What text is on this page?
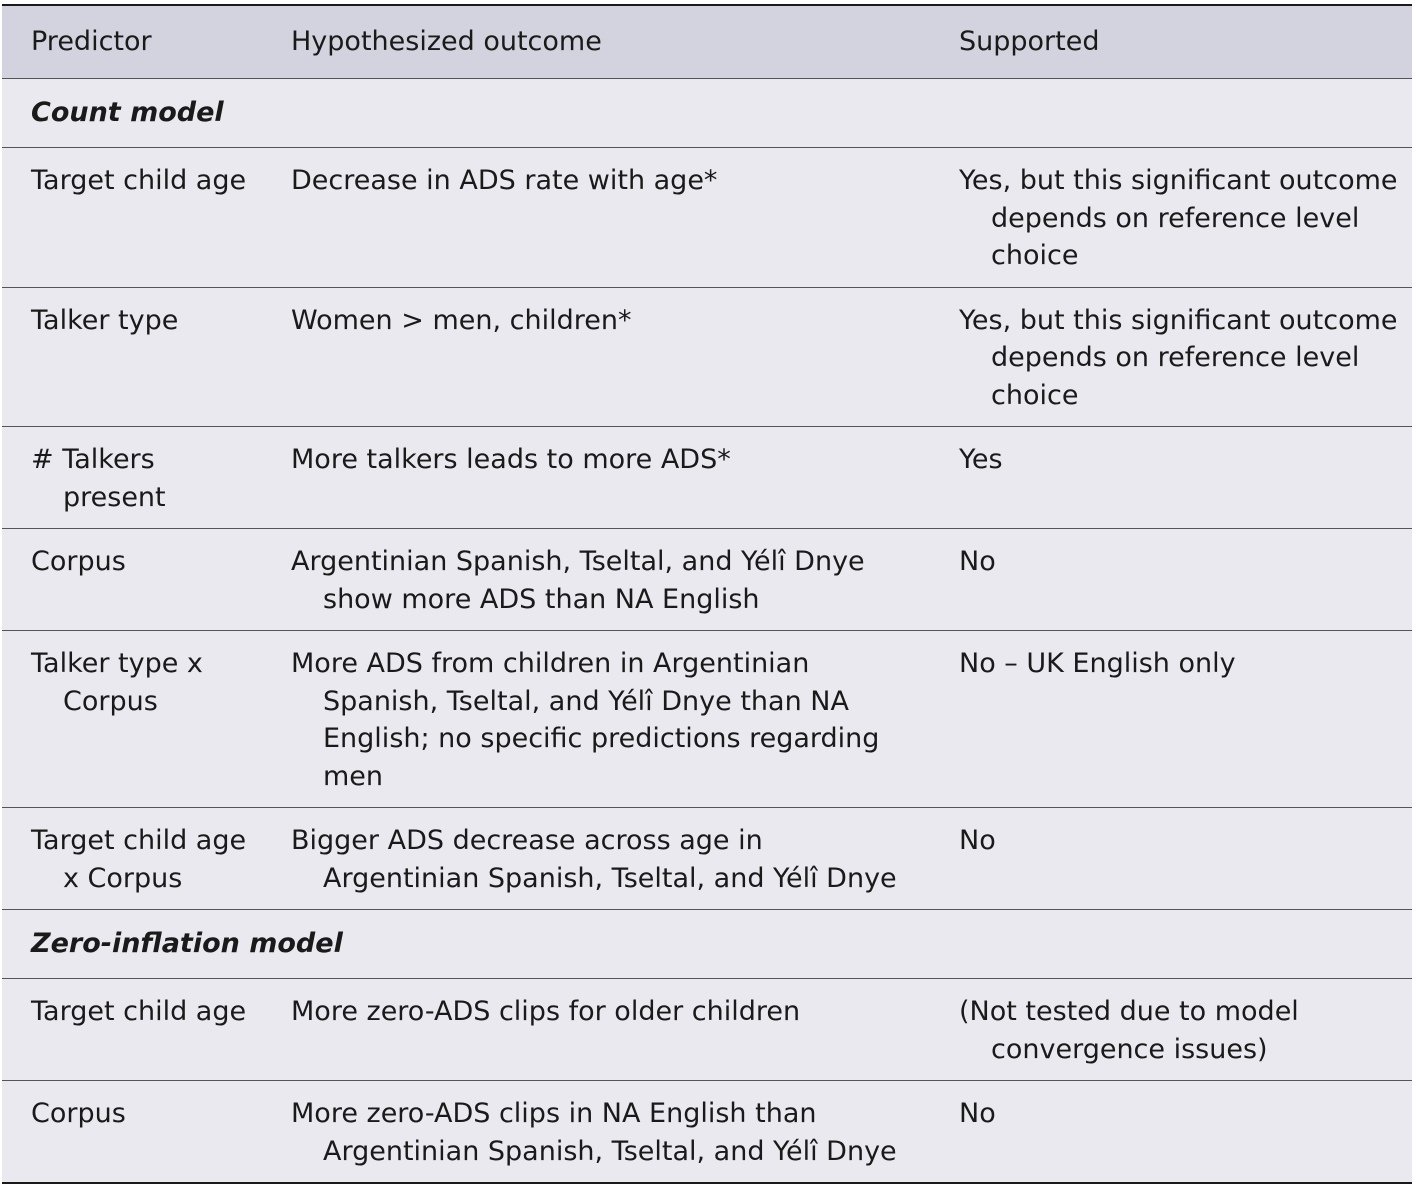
Predictor	Hypothesized outcome	Supported
Count model		

Target child age	Decrease in ADS rate with age*	Yes, but this significant outcome depends on reference level choice

Talker type	Women > men, children*	Yes, but this significant outcome depends on reference level choice

# Talkers present	More talkers leads to more ADS*	Yes

Corpus	Argentinian Spanish, Tseltal, and Yélî Dnye show more ADS than NA English	No

Talker type x Corpus	More ADS from children in Argentinian Spanish, Tseltal, and Yélî Dnye than NA English; no specific predictions regarding men	No – UK English only

Target child age x Corpus	Bigger ADS decrease across age in Argentinian Spanish, Tseltal, and Yélî Dnye	No

Zero-inflation model		

Target child age	More zero-ADS clips for older children	(Not tested due to model convergence issues)

Corpus	More zero-ADS clips in NA English than Argentinian Spanish, Tseltal, and Yélî Dnye	No
